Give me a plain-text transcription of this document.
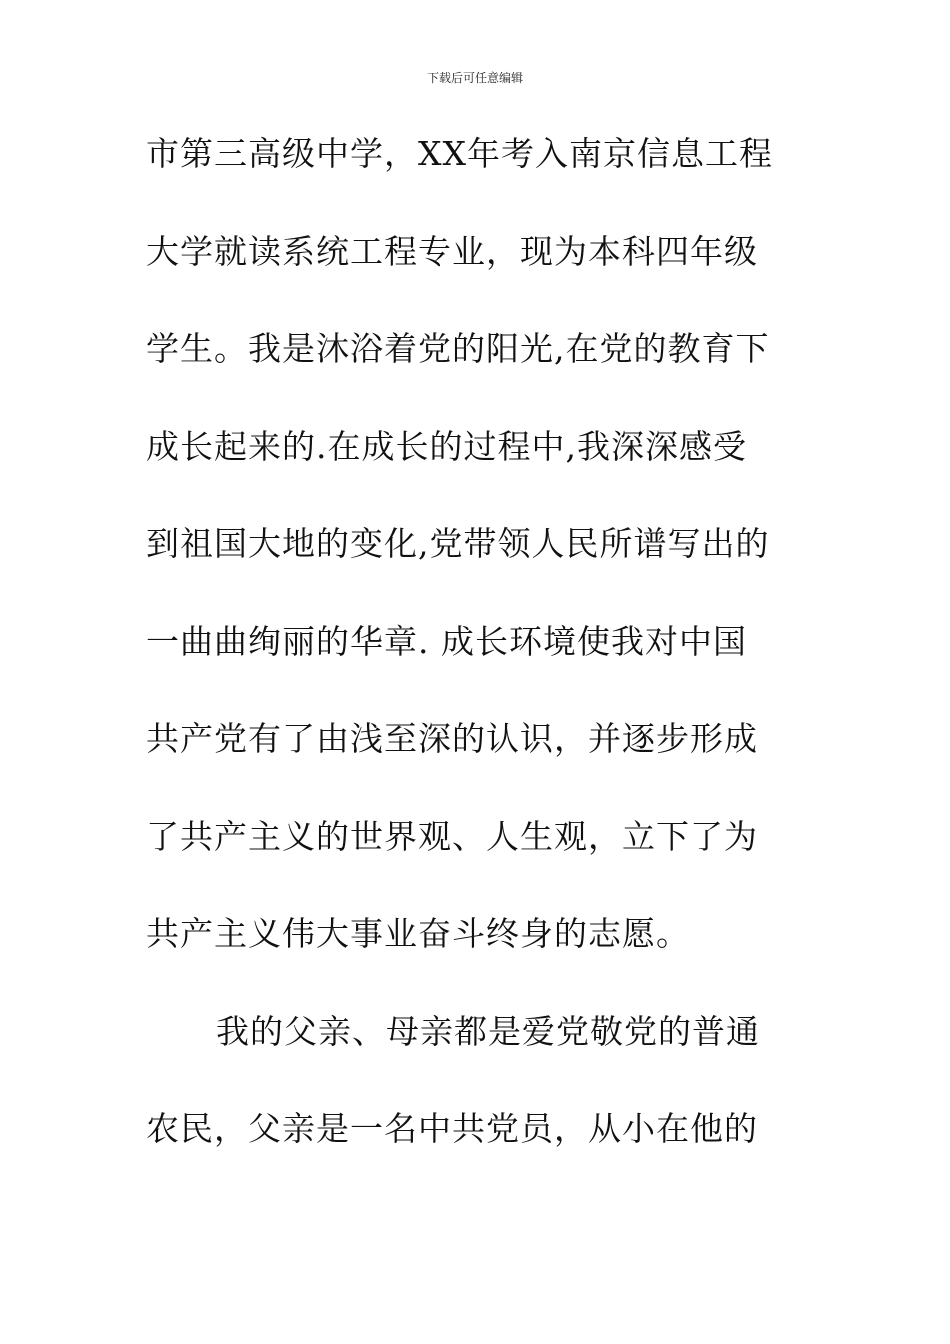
下载后可任意编辑
市第三高级中学，XX年考入南京信息工程
大学就读系统工程专业，现为本科四年级
学生。我是沐浴着党的阳光,在党的教育下
成长起来的.在成长的过程中,我深深感受
到祖国大地的变化,党带领人民所谱写出的
一曲曲绚丽的华章. 成长环境使我对中国
共产党有了由浅至深的认识，并逐步形成
了共产主义的世界观、人生观，立下了为
共产主义伟大事业奋斗终身的志愿。
我的父亲、母亲都是爱党敬党的普通
农民，父亲是一名中共党员，从小在他的
